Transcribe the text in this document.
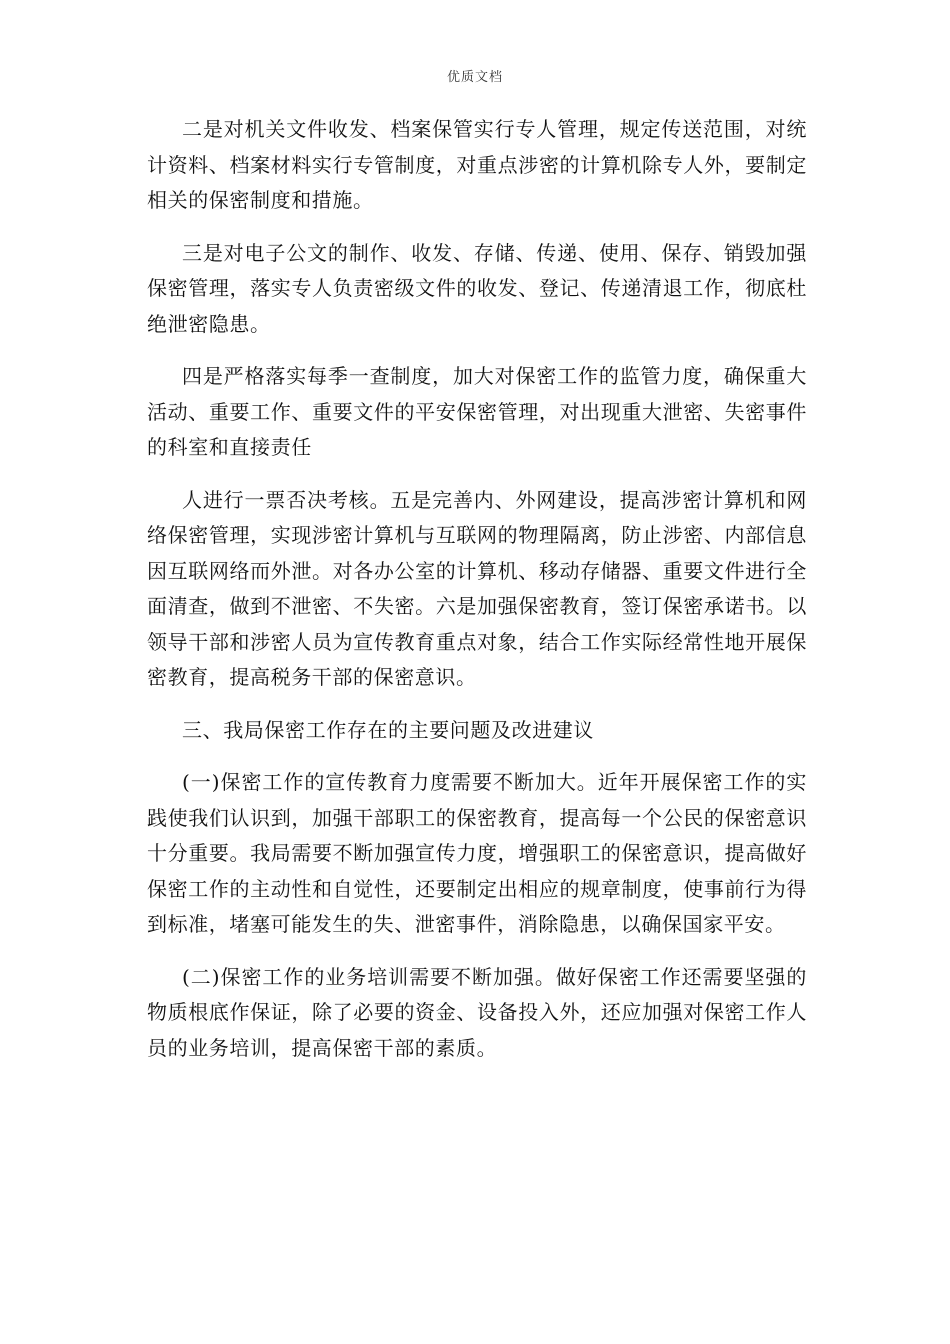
优质文档

二是对机关文件收发、档案保管实行专人管理，规定传送范围，对统计资料、档案材料实行专管制度，对重点涉密的计算机除专人外，要制定相关的保密制度和措施。

三是对电子公文的制作、收发、存储、传递、使用、保存、销毁加强保密管理，落实专人负责密级文件的收发、登记、传递清退工作，彻底杜绝泄密隐患。

四是严格落实每季一查制度，加大对保密工作的监管力度，确保重大活动、重要工作、重要文件的平安保密管理，对出现重大泄密、失密事件的科室和直接责任

人进行一票否决考核。五是完善内、外网建设，提高涉密计算机和网络保密管理，实现涉密计算机与互联网的物理隔离，防止涉密、内部信息因互联网络而外泄。对各办公室的计算机、移动存储器、重要文件进行全面清查，做到不泄密、不失密。六是加强保密教育，签订保密承诺书。以领导干部和涉密人员为宣传教育重点对象，结合工作实际经常性地开展保密教育，提高税务干部的保密意识。

三、我局保密工作存在的主要问题及改进建议

(一)保密工作的宣传教育力度需要不断加大。近年开展保密工作的实践使我们认识到，加强干部职工的保密教育，提高每一个公民的保密意识十分重要。我局需要不断加强宣传力度，增强职工的保密意识，提高做好保密工作的主动性和自觉性，还要制定出相应的规章制度，使事前行为得到标准，堵塞可能发生的失、泄密事件，消除隐患，以确保国家平安。

(二)保密工作的业务培训需要不断加强。做好保密工作还需要坚强的物质根底作保证，除了必要的资金、设备投入外，还应加强对保密工作人员的业务培训，提高保密干部的素质。
